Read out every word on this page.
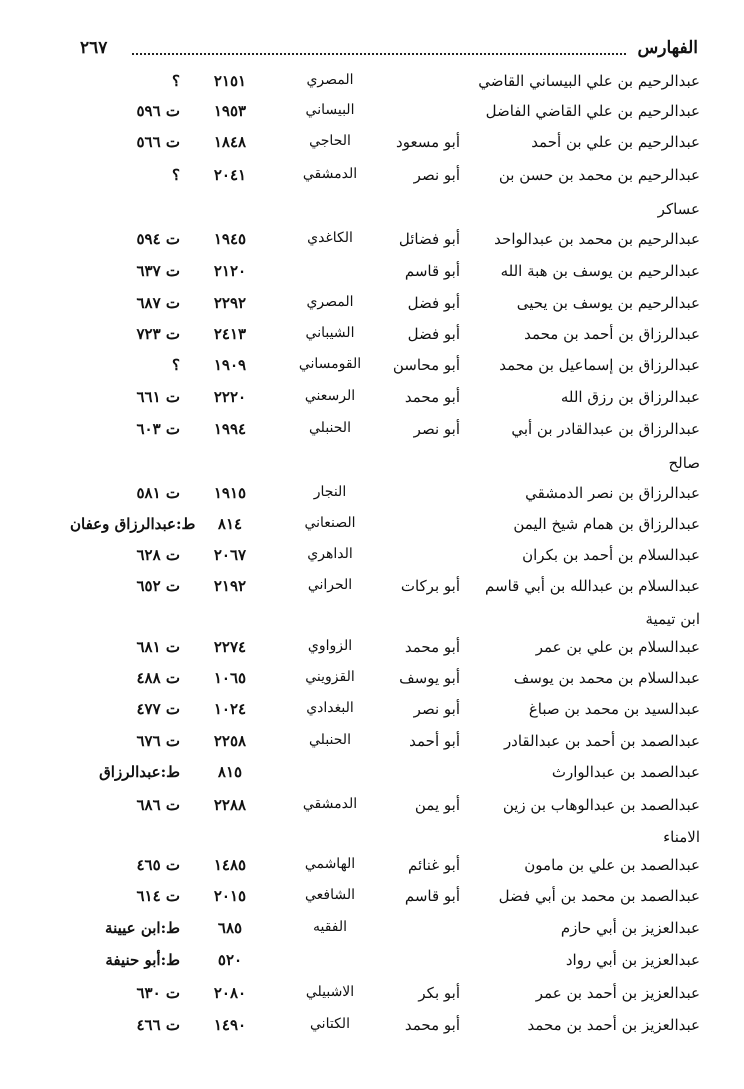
الفهارس
٢٦٧
عبدالرحيم بن علي البيساني القاضي
المصري
٢١٥١
؟
عبدالرحيم بن علي القاضي الفاضل
البيساني
١٩٥٣
ت ٥٩٦
عبدالرحيم بن علي بن أحمد
أبو مسعود
الحاجي
١٨٤٨
ت ٥٦٦
عبدالرحيم بن محمد بن حسن بن
أبو نصر
الدمشقي
٢٠٤١
؟
عساكر
عبدالرحيم بن محمد بن عبدالواحد
أبو فضائل
الكاغدي
١٩٤٥
ت ٥٩٤
عبدالرحيم بن يوسف بن هبة الله
أبو قاسم
٢١٢٠
ت ٦٣٧
عبدالرحيم بن يوسف بن يحيى
أبو فضل
المصري
٢٢٩٢
ت ٦٨٧
عبدالرزاق بن أحمد بن محمد
أبو فضل
الشيباني
٢٤١٣
ت ٧٢٣
عبدالرزاق بن إسماعيل بن محمد
أبو محاسن
القومساني
١٩٠٩
؟
عبدالرزاق بن رزق الله
أبو محمد
الرسعني
٢٢٢٠
ت ٦٦١
عبدالرزاق بن عبدالقادر بن أبي
أبو نصر
الحنبلي
١٩٩٤
ت ٦٠٣
صالح
عبدالرزاق بن نصر الدمشقي
النجار
١٩١٥
ت ٥٨١
عبدالرزاق بن همام شيخ اليمن
الصنعاني
٨١٤
ط:عبدالرزاق وعفان
عبدالسلام بن أحمد بن بكران
الداهري
٢٠٦٧
ت ٦٢٨
عبدالسلام بن عبدالله بن أبي قاسم
أبو بركات
الحراني
٢١٩٢
ت ٦٥٢
ابن تيمية
عبدالسلام بن علي بن عمر
أبو محمد
الزواوي
٢٢٧٤
ت ٦٨١
عبدالسلام بن محمد بن يوسف
أبو يوسف
القزويني
١٠٦٥
ت ٤٨٨
عبدالسيد بن محمد بن صباغ
أبو نصر
البغدادي
١٠٢٤
ت ٤٧٧
عبدالصمد بن أحمد بن عبدالقادر
أبو أحمد
الحنبلي
٢٢٥٨
ت ٦٧٦
عبدالصمد بن عبدالوارث
٨١٥
ط:عبدالرزاق
عبدالصمد بن عبدالوهاب بن زين
أبو يمن
الدمشقي
٢٢٨٨
ت ٦٨٦
الامناء
عبدالصمد بن علي بن مامون
أبو غنائم
الهاشمي
١٤٨٥
ت ٤٦٥
عبدالصمد بن محمد بن أبي فضل
أبو قاسم
الشافعي
٢٠١٥
ت ٦١٤
عبدالعزيز بن أبي حازم
الفقيه
٦٨٥
ط:ابن عيينة
عبدالعزيز بن أبي رواد
٥٢٠
ط:أبو حنيفة
عبدالعزيز بن أحمد بن عمر
أبو بكر
الاشبيلي
٢٠٨٠
ت ٦٣٠
عبدالعزيز بن أحمد بن محمد
أبو محمد
الكتاني
١٤٩٠
ت ٤٦٦
